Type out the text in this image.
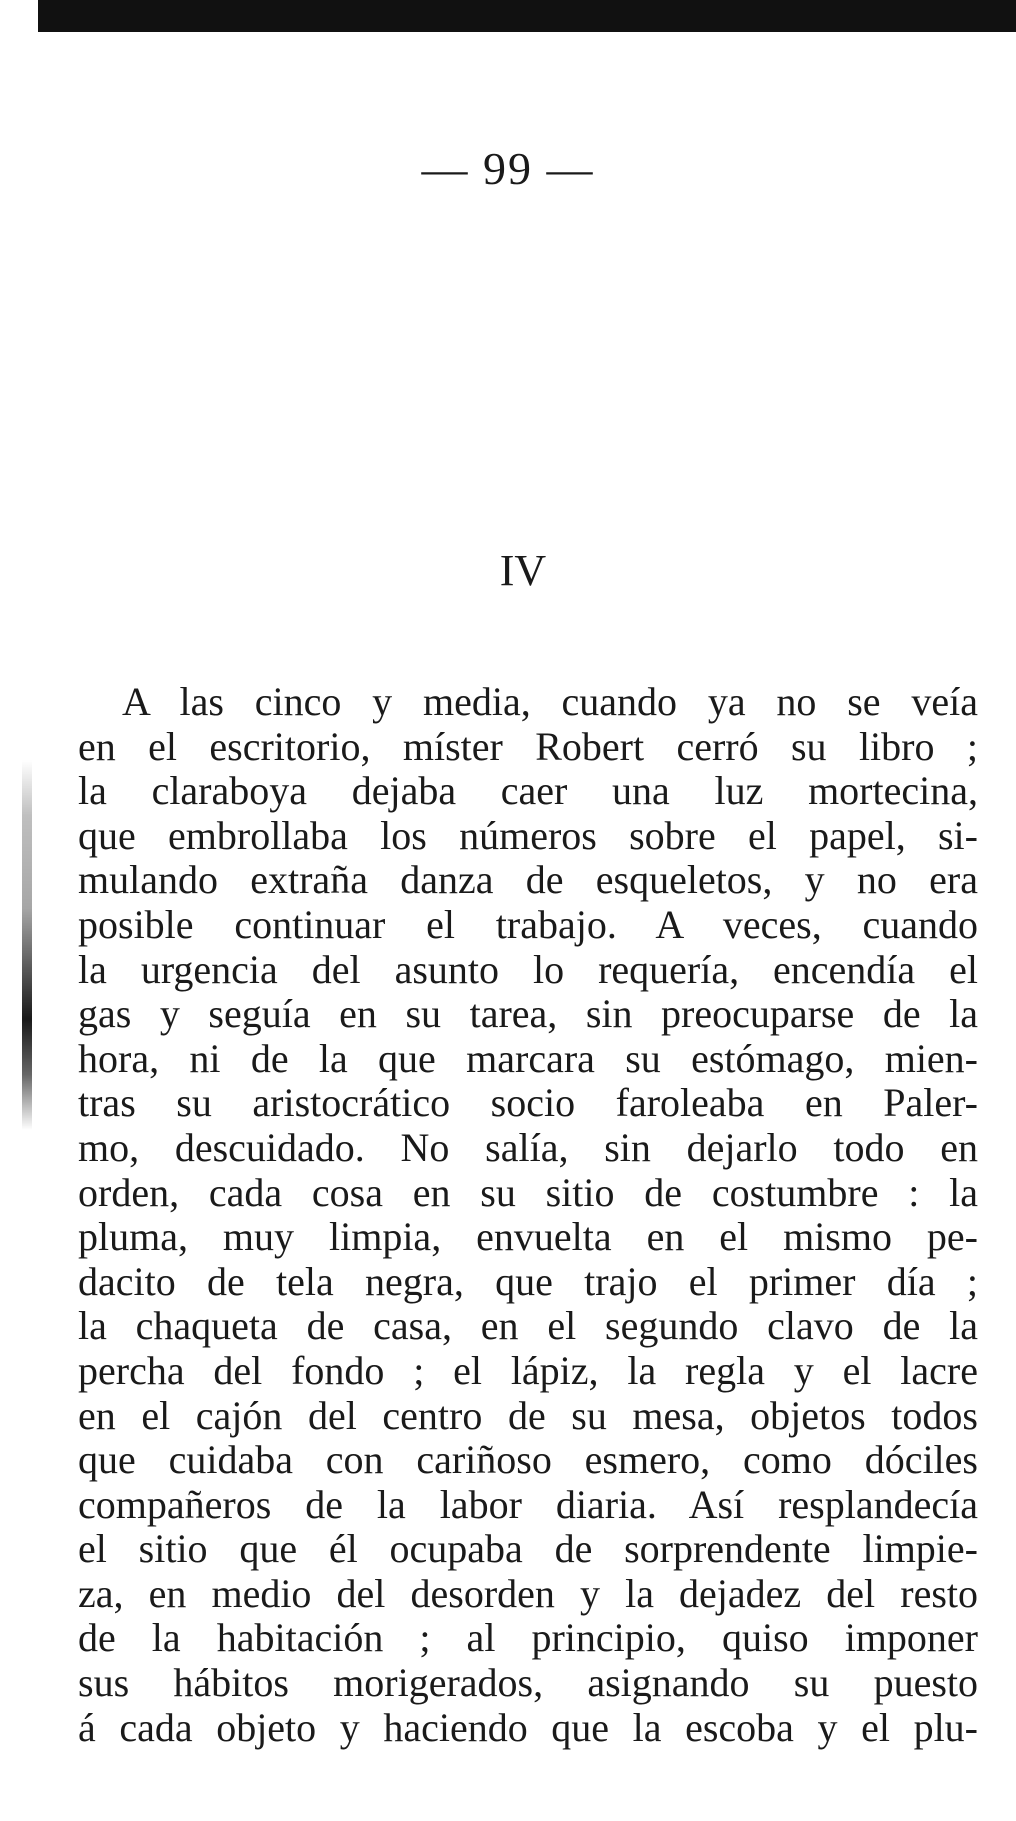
— 99 —
IV
A las cinco y media, cuando ya no se veía
en el escritorio, míster Robert cerró su libro ;
la claraboya dejaba caer una luz mortecina,
que embrollaba los números sobre el papel, si-
mulando extraña danza de esqueletos, y no era
posible continuar el trabajo. A veces, cuando
la urgencia del asunto lo requería, encendía el
gas y seguía en su tarea, sin preocuparse de la
hora, ni de la que marcara su estómago, mien-
tras su aristocrático socio faroleaba en Paler-
mo, descuidado. No salía, sin dejarlo todo en
orden, cada cosa en su sitio de costumbre : la
pluma, muy limpia, envuelta en el mismo pe-
dacito de tela negra, que trajo el primer día ;
la chaqueta de casa, en el segundo clavo de la
percha del fondo ; el lápiz, la regla y el lacre
en el cajón del centro de su mesa, objetos todos
que cuidaba con cariñoso esmero, como dóciles
compañeros de la labor diaria. Así resplandecía
el sitio que él ocupaba de sorprendente limpie-
za, en medio del desorden y la dejadez del resto
de la habitación ; al principio, quiso imponer
sus hábitos morigerados, asignando su puesto
á cada objeto y haciendo que la escoba y el plu-
